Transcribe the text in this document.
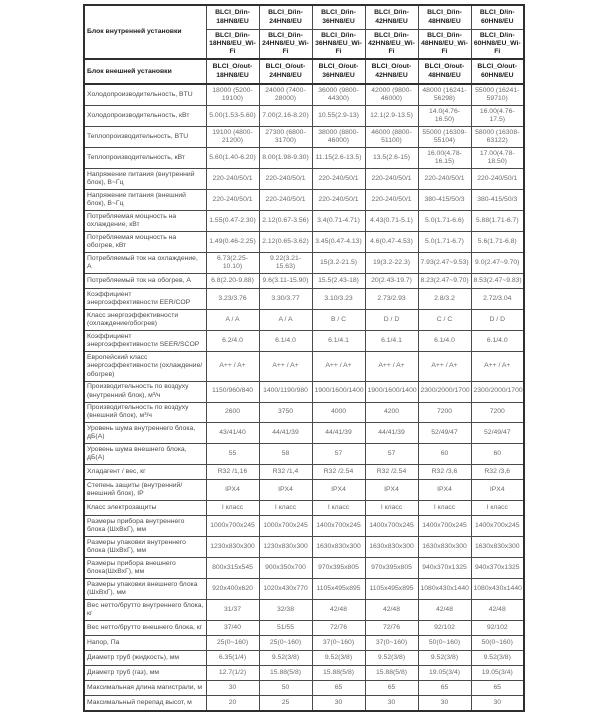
Блок внутренней установки	BLCI_D/in-18HN8/EU	BLCI_D/in-24HN8/EU	BLCI_D/in-36HN8/EU	BLCI_D/in-42HN8/EU	BLCI_D/in-48HN8/EU	BLCI_D/in-60HN8/EU
	BLCI_D/in-18HN8/EU_Wi-Fi	BLCI_D/in-24HN8/EU_Wi-Fi	BLCI_D/in-36HN8/EU_Wi-Fi	BLCI_D/in-42HN8/EU_Wi-Fi	BLCI_D/in-48HN8/EU_Wi-Fi	BLCI_D/in-60HN8/EU_Wi-Fi
Блок внешней установки	BLCI_O/out-18HN8/EU	BLCI_O/out-24HN8/EU	BLCI_O/out-36HN8/EU	BLCI_O/out-42HN8/EU	BLCI_O/out-48HN8/EU	BLCI_O/out-60HN8/EU
Холодопроизводительность, BTU	18000 (5200-19100)	24000 (7400-28000)	36000 (9800-44300)	42000 (9800-46000)	48000 (16241-56298)	55000 (16241-59710)
Холодопроизводительность, кВт	5.00(1.53-5.60)	7.00(2.16-8.20)	10.55(2.9-13)	12.1(2.9-13.5)	14.0(4.76-16.50)	16.00(4.76-17.5)
Теплопроизводительность, BTU	19100 (4800-21200)	27300 (6800-31700)	38000 (8800-46000)	46000 (8800-51100)	55000 (16309-55104)	58000 (16308-63122)
Теплопроизводительность, кВт	5.60(1.40-6.20)	8.00(1.98-9.30)	11.15(2.6-13.5)	13.5(2.6-15)	16.00(4.78-16.15)	17.00(4.78-18.50)
Напряжение питания (внутренний блок), В~Гц	220-240/50/1	220-240/50/1	220-240/50/1	220-240/50/1	220-240/50/1	220-240/50/1
Напряжение питания (внешний блок), В~Гц	220-240/50/1	220-240/50/1	220-240/50/1	220-240/50/1	380-415/50/3	380-415/50/3
Потребляемая мощность на охлаждение, кВт	1.55(0.47-2.30)	2.12(0.67-3.56)	3.4(0.71-4.71)	4.43(0.71-5.1)	5.0(1.71-6.6)	5.88(1.71-6.7)
Потребляемая мощность на обогрев, кВт	1.49(0.46-2.25)	2.12(0.65-3.62)	3.45(0.47-4.13)	4.6(0.47-4.53)	5.0(1.71-6.7)	5.6(1.71-6.8)
Потребляемый ток на охлаждение, А	6.73(2.25-10.10)	9.22(3.21-15.63)	15(3.2-21.5)	19(3.2-22.3)	7.93(2.47~9.53)	9.0(2.47~9.70)
Потребляемый ток на обогрев, А	6.8(2.20-9.88)	9.6(3.11-15.90)	15.5(2.43-18)	20(2.43-19.7)	8.23(2.47~9.70)	8.53(2.47~9.83)
Коэффициент энергоэффективности EER/COP	3.23/3.76	3.30/3.77	3.10/3.23	2.73/2.93	2.8/3.2	2.72/3.04
Класс энергоэффективности (охлаждение/обогрев)	A / A	A / A	B / C	D / D	C / C	D / D
Коэффициент энергоэффективности SEER/SCOP	6.2/4.0	6.1/4.0	6.1/4.1	6.1/4.1	6.1/4.0	6.1/4.0
Европейский класс энергоэффективности (охлаждение/обогрев)	A++ / A+	A++ / A+	A++ / A+	A++ / A+	A++ / A+	A++ / A+
Производительность по воздуху (внутренний блок), м³/ч	1150/960/840	1400/1190/980	1900/1600/1400	1900/1600/1400	2300/2000/1700	2300/2000/1700
Производительность по воздуху (внешний блок), м³/ч	2600	3750	4000	4200	7200	7200
Уровень шума внутреннего блока, дБ(А)	43/41/40	44/41/39	44/41/39	44/41/39	52/49/47	52/49/47
Уровень шума внешнего блока, дБ(А)	55	58	57	57	60	60
Хладагент / вес, кг	R32 /1,16	R32 /1,4	R32 /2.54	R32 /2.54	R32 /3,6	R32 /3,6
Степень защиты (внутренний/внешний блок), IP	IPX4	IPX4	IPX4	IPX4	IPX4	IPX4
Класс электрозащиты	I класс	I класс	I класс	I класс	I класс	I класс
Размеры прибора внутреннего блока (ШхВхГ), мм	1000х700х245	1000х700х245	1400х700х245	1400х700х245	1400х700х245	1400х700х245
Размеры упаковки внутреннего блока (ШхВхГ), мм	1230х830х300	1230х830х300	1630х830х300	1630х830х300	1630х830х300	1630х830х300
Размеры прибора внешнего блока(ШхВхГ), мм	800х315х545	900х350х700	970х395х805	970х395х805	940х370х1325	940х370х1325
Размеры упаковки внешнего блока (ШхВхГ), мм	920х400х620	1020х430х770	1105х495х895	1105х495х895	1080х430х1440	1080х430х1440
Вес нетто/брутто внутреннего блока, кг	31/37	32/38	42/48	42/48	42/48	42/48
Вес нетто/брутто внешнего блока, кг	37/40	51/55	72/76	72/76	92/102	92/102
Напор, Па	25(0~160)	25(0~160)	37(0~160)	37(0~160)	50(0~160)	50(0~160)
Диаметр труб (жидкость), мм	6.35(1/4)	9.52(3/8)	9.52(3/8)	9.52(3/8)	9.52(3/8)	9.52(3/8)
Диаметр труб (газ), мм	12.7(1/2)	15.88(5/8)	15.88(5/8)	15.88(5/8)	19.05(3/4)	19.05(3/4)
Максимальная длина магистрали, м	30	50	65	65	65	65
Максимальный перепад высот, м	20	25	30	30	30	30
